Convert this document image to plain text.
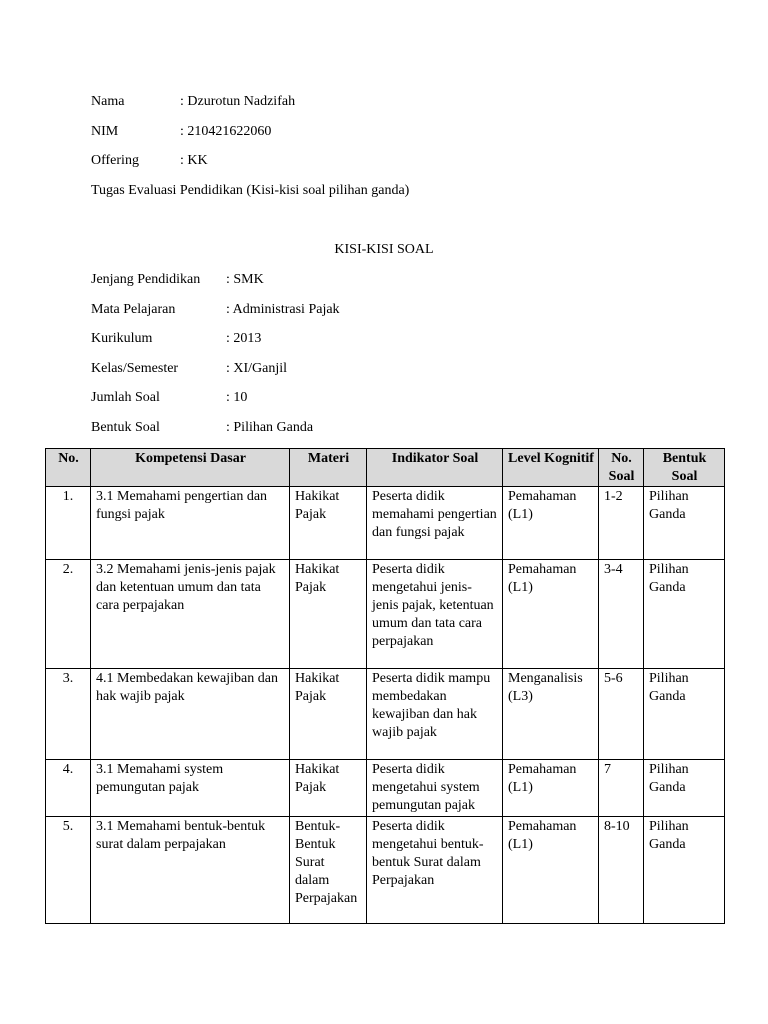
Nama	: Dzurotun Nadzifah
NIM	: 210421622060
Offering	: KK
Tugas Evaluasi Pendidikan (Kisi-kisi soal pilihan ganda)
KISI-KISI SOAL
Jenjang Pendidikan : SMK
Mata Pelajaran	: Administrasi Pajak
Kurikulum	: 2013
Kelas/Semester	: XI/Ganjil
Jumlah Soal	: 10
Bentuk Soal	: Pilihan Ganda
No.	Kompetensi Dasar	Materi	Indikator Soal	Level Kognitif	No. Soal	Bentuk Soal
1.	3.1 Memahami pengertian dan fungsi pajak	Hakikat Pajak	Peserta didik memahami pengertian dan fungsi pajak	Pemahaman (L1)	1-2	Pilihan Ganda
2.	3.2 Memahami jenis-jenis pajak dan ketentuan umum dan tata cara perpajakan	Hakikat Pajak	Peserta didik mengetahui jenis-jenis pajak, ketentuan umum dan tata cara perpajakan	Pemahaman (L1)	3-4	Pilihan Ganda
3.	4.1 Membedakan kewajiban dan hak wajib pajak	Hakikat Pajak	Peserta didik mampu membedakan kewajiban dan hak wajib pajak	Menganalisis (L3)	5-6	Pilihan Ganda
4.	3.1 Memahami system pemungutan pajak	Hakikat Pajak	Peserta didik mengetahui system pemungutan pajak	Pemahaman (L1)	7	Pilihan Ganda
5.	3.1 Memahami bentuk-bentuk surat dalam perpajakan	Bentuk-Bentuk Surat dalam Perpajakan	Peserta didik mengetahui bentuk-bentuk Surat dalam Perpajakan	Pemahaman (L1)	8-10	Pilihan Ganda
